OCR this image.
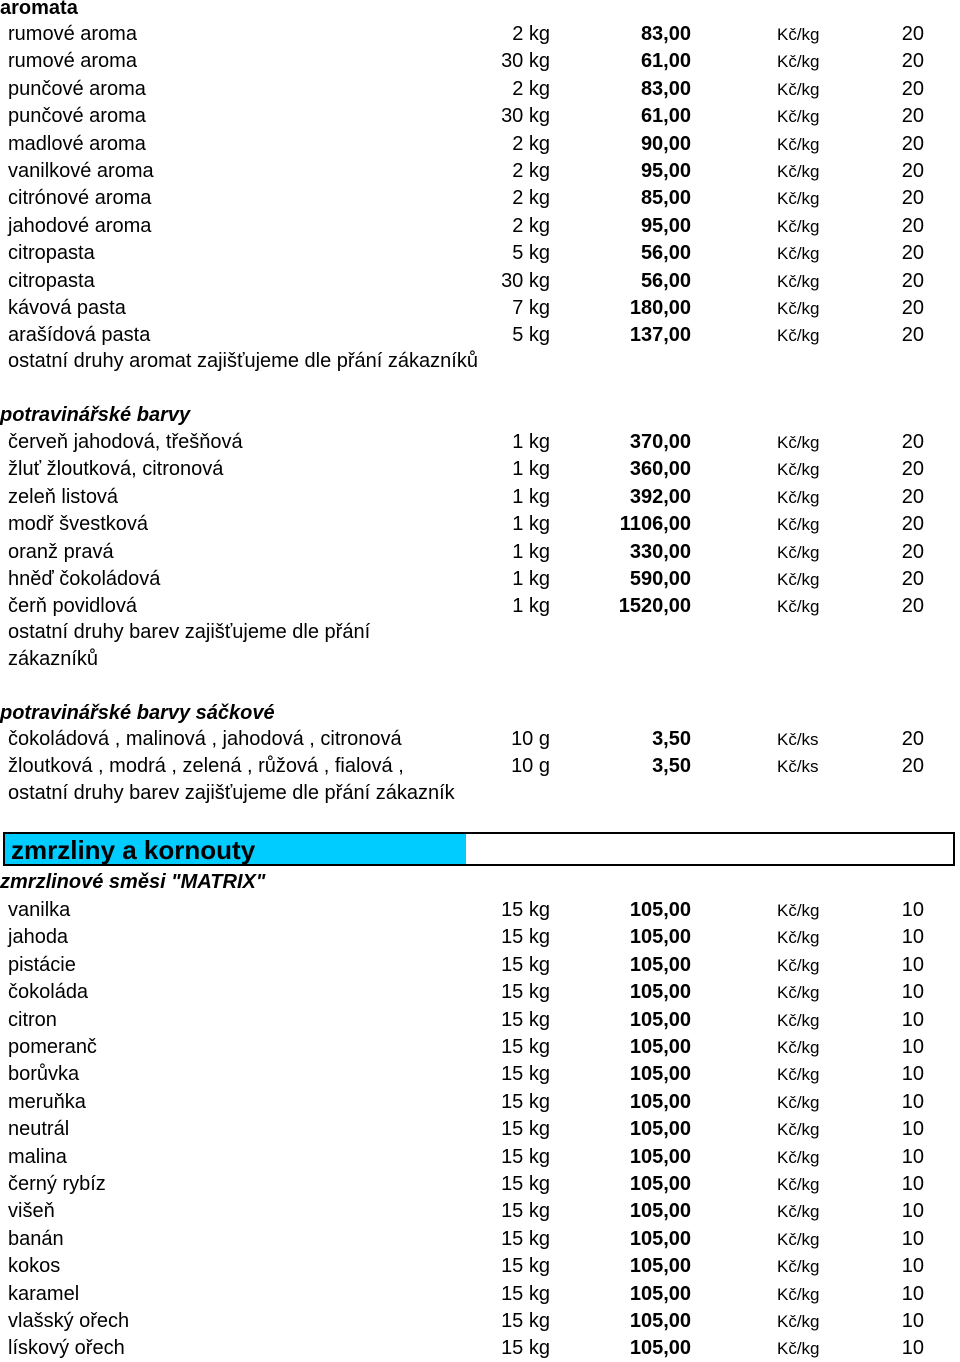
aromata
rumové aroma	2 kg	83,00	Kč/kg	20
rumové aroma	30 kg	61,00	Kč/kg	20
punčové aroma	2 kg	83,00	Kč/kg	20
punčové aroma	30 kg	61,00	Kč/kg	20
madlové aroma	2 kg	90,00	Kč/kg	20
vanilkové aroma	2 kg	95,00	Kč/kg	20
citrónové aroma	2 kg	85,00	Kč/kg	20
jahodové aroma	2 kg	95,00	Kč/kg	20
citropasta	5 kg	56,00	Kč/kg	20
citropasta	30 kg	56,00	Kč/kg	20
kávová pasta	7 kg	180,00	Kč/kg	20
arašídová pasta	5 kg	137,00	Kč/kg	20
ostatní druhy aromat zajišťujeme dle přání zákazníků
potravinářské barvy
červeň jahodová, třešňová	1 kg	370,00	Kč/kg	20
žluť žloutková, citronová	1 kg	360,00	Kč/kg	20
zeleň listová	1 kg	392,00	Kč/kg	20
modř švestková	1 kg	1106,00	Kč/kg	20
oranž pravá	1 kg	330,00	Kč/kg	20
hněď čokoládová	1 kg	590,00	Kč/kg	20
čerň povidlová	1 kg	1520,00	Kč/kg	20
ostatní druhy barev zajišťujeme dle přání zákazníků
potravinářské barvy sáčkové
čokoládová , malinová , jahodová , citronová	10 g	3,50	Kč/ks	20
žloutková , modrá , zelená , růžová , fialová ,	10 g	3,50	Kč/ks	20
ostatní druhy barev zajišťujeme dle přání zákazník
zmrzliny a kornouty
zmrzlinové směsi "MATRIX"
vanilka	15 kg	105,00	Kč/kg	10
jahoda	15 kg	105,00	Kč/kg	10
pistácie	15 kg	105,00	Kč/kg	10
čokoláda	15 kg	105,00	Kč/kg	10
citron	15 kg	105,00	Kč/kg	10
pomeranč	15 kg	105,00	Kč/kg	10
borůvka	15 kg	105,00	Kč/kg	10
meruňka	15 kg	105,00	Kč/kg	10
neutrál	15 kg	105,00	Kč/kg	10
malina	15 kg	105,00	Kč/kg	10
černý rybíz	15 kg	105,00	Kč/kg	10
višeň	15 kg	105,00	Kč/kg	10
banán	15 kg	105,00	Kč/kg	10
kokos	15 kg	105,00	Kč/kg	10
karamel	15 kg	105,00	Kč/kg	10
vlašský ořech	15 kg	105,00	Kč/kg	10
lískový ořech	15 kg	105,00	Kč/kg	10
